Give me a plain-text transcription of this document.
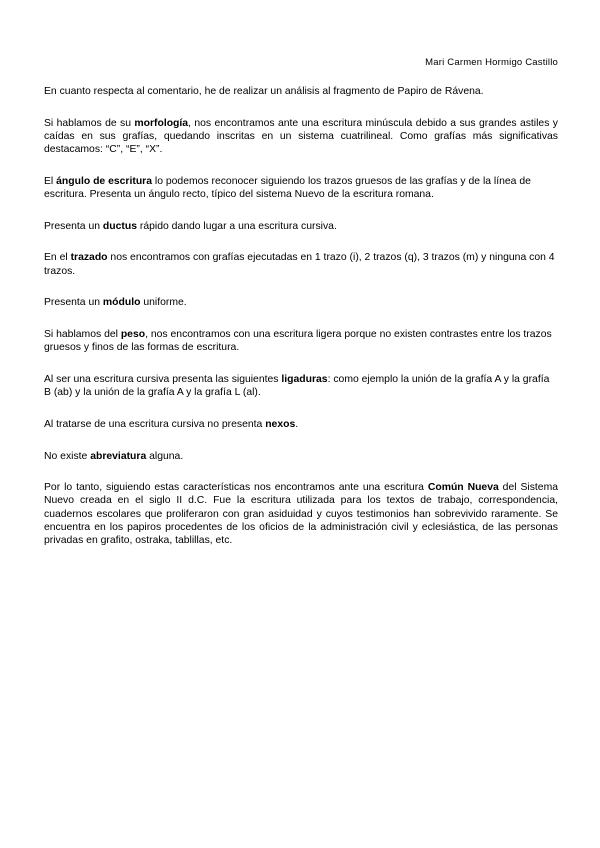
Mari Carmen Hormigo Castillo

En cuanto respecta al comentario, he de realizar un análisis al fragmento de Papiro de Rávena.

Si hablamos de su morfología, nos encontramos ante una escritura minúscula debido a sus grandes astiles y caídas en sus grafías, quedando inscritas en un sistema cuatrilineal. Como grafías más significativas destacamos: “C”, “E”, “X”.

El ángulo de escritura lo podemos reconocer siguiendo los trazos gruesos de las grafías y de la línea de escritura. Presenta un ángulo recto, típico del sistema Nuevo de la escritura romana.

Presenta un ductus rápido dando lugar a una escritura cursiva.

En el trazado nos encontramos con grafías ejecutadas en 1 trazo (i), 2 trazos (q), 3 trazos (m) y ninguna con 4 trazos.

Presenta un módulo uniforme.

Si hablamos del peso, nos encontramos con una escritura ligera porque no existen contrastes entre los trazos gruesos y finos de las formas de escritura.

Al ser una escritura cursiva presenta las siguientes ligaduras: como ejemplo la unión de la grafía A y la grafía B (ab) y la unión de la grafía A y la grafía L (al).

Al tratarse de una escritura cursiva no presenta nexos.

No existe abreviatura alguna.

Por lo tanto, siguiendo estas características nos encontramos ante una escritura Común Nueva del Sistema Nuevo creada en el siglo II d.C. Fue la escritura utilizada para los textos de trabajo, correspondencia, cuadernos escolares que proliferaron con gran asiduidad y cuyos testimonios han sobrevivido raramente. Se encuentra en los papiros procedentes de los oficios de la administración civil y eclesiástica, de las personas privadas en grafito, ostraka, tablillas, etc.
